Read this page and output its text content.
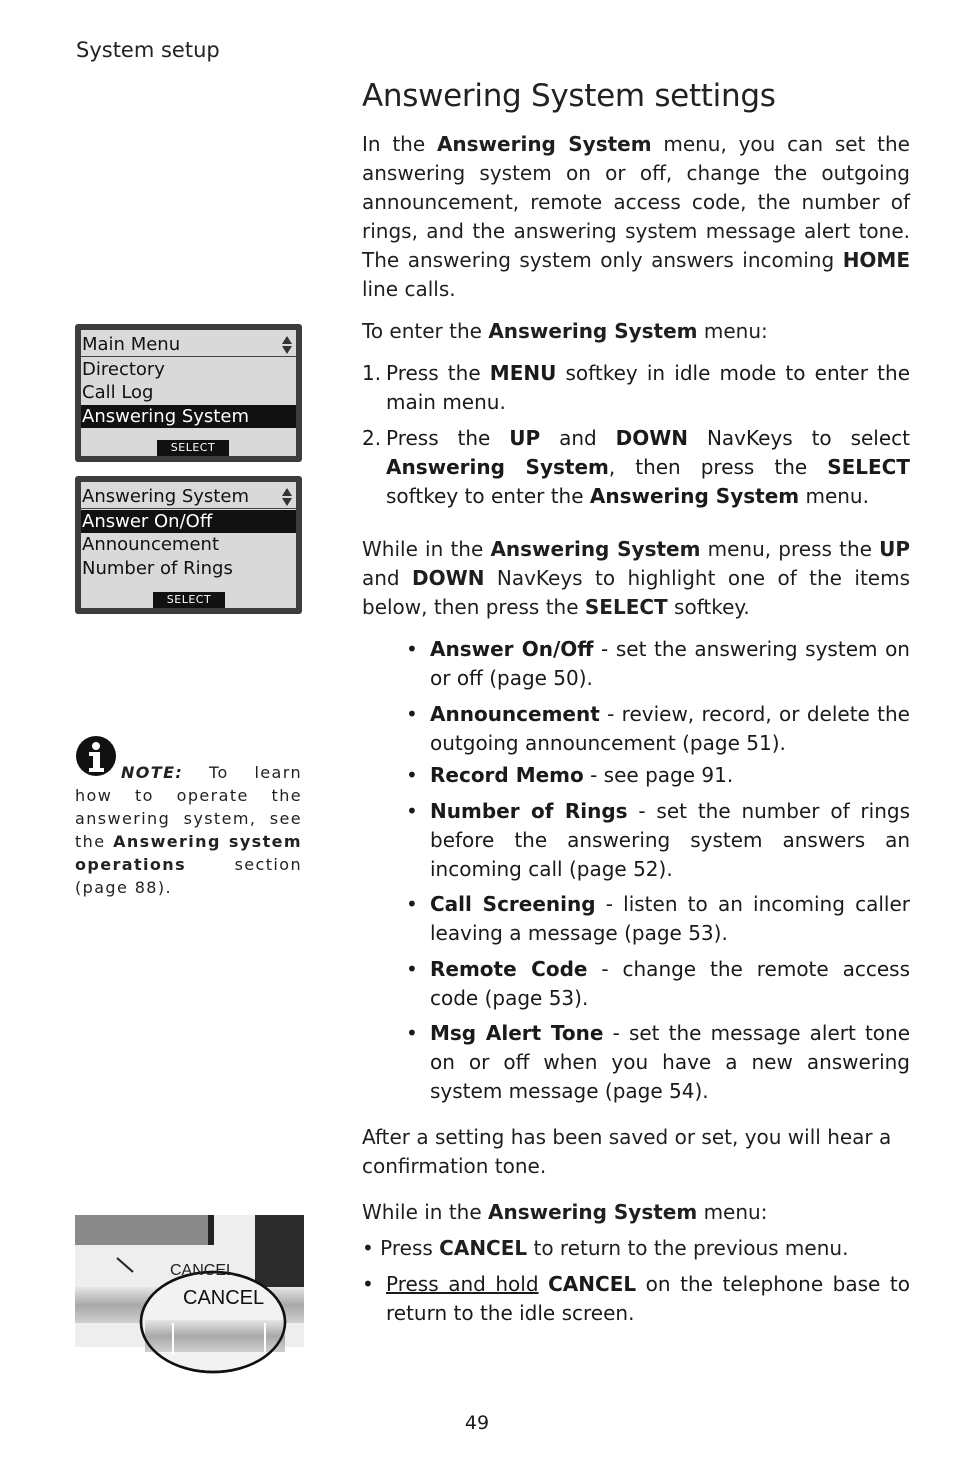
System setup
Answering System settings

In the Answering System menu, you can set the answering system on or off, change the outgoing announcement, remote access code, the number of rings, and the answering system message alert tone. The answering system only answers incoming HOME line calls.

To enter the Answering System menu:

1. Press the MENU softkey in idle mode to enter the main menu.
2. Press the UP and DOWN NavKeys to select Answering System, then press the SELECT softkey to enter the Answering System menu.

While in the Answering System menu, press the UP and DOWN NavKeys to highlight one of the items below, then press the SELECT softkey.

• Answer On/Off - set the answering system on or off (page 50).
• Announcement - review, record, or delete the outgoing announcement (page 51).
• Record Memo - see page 91.
• Number of Rings - set the number of rings before the answering system answers an incoming call (page 52).
• Call Screening - listen to an incoming caller leaving a message (page 53).
• Remote Code - change the remote access code (page 53).
• Msg Alert Tone - set the message alert tone on or off when you have a new answering system message (page 54).

After a setting has been saved or set, you will hear a confirmation tone.

While in the Answering System menu:

• Press CANCEL to return to the previous menu.

• Press and hold CANCEL on the telephone base to return to the idle screen.
Main Menu
Directory
Call Log
Answering System
SELECT
Answering System
Answer On/Off
Announcement
Number of Rings
SELECT

NOTE: To learn how to operate the answering system, see the Answering system operations section (page 88).

CANCEL
CANCEL
49
